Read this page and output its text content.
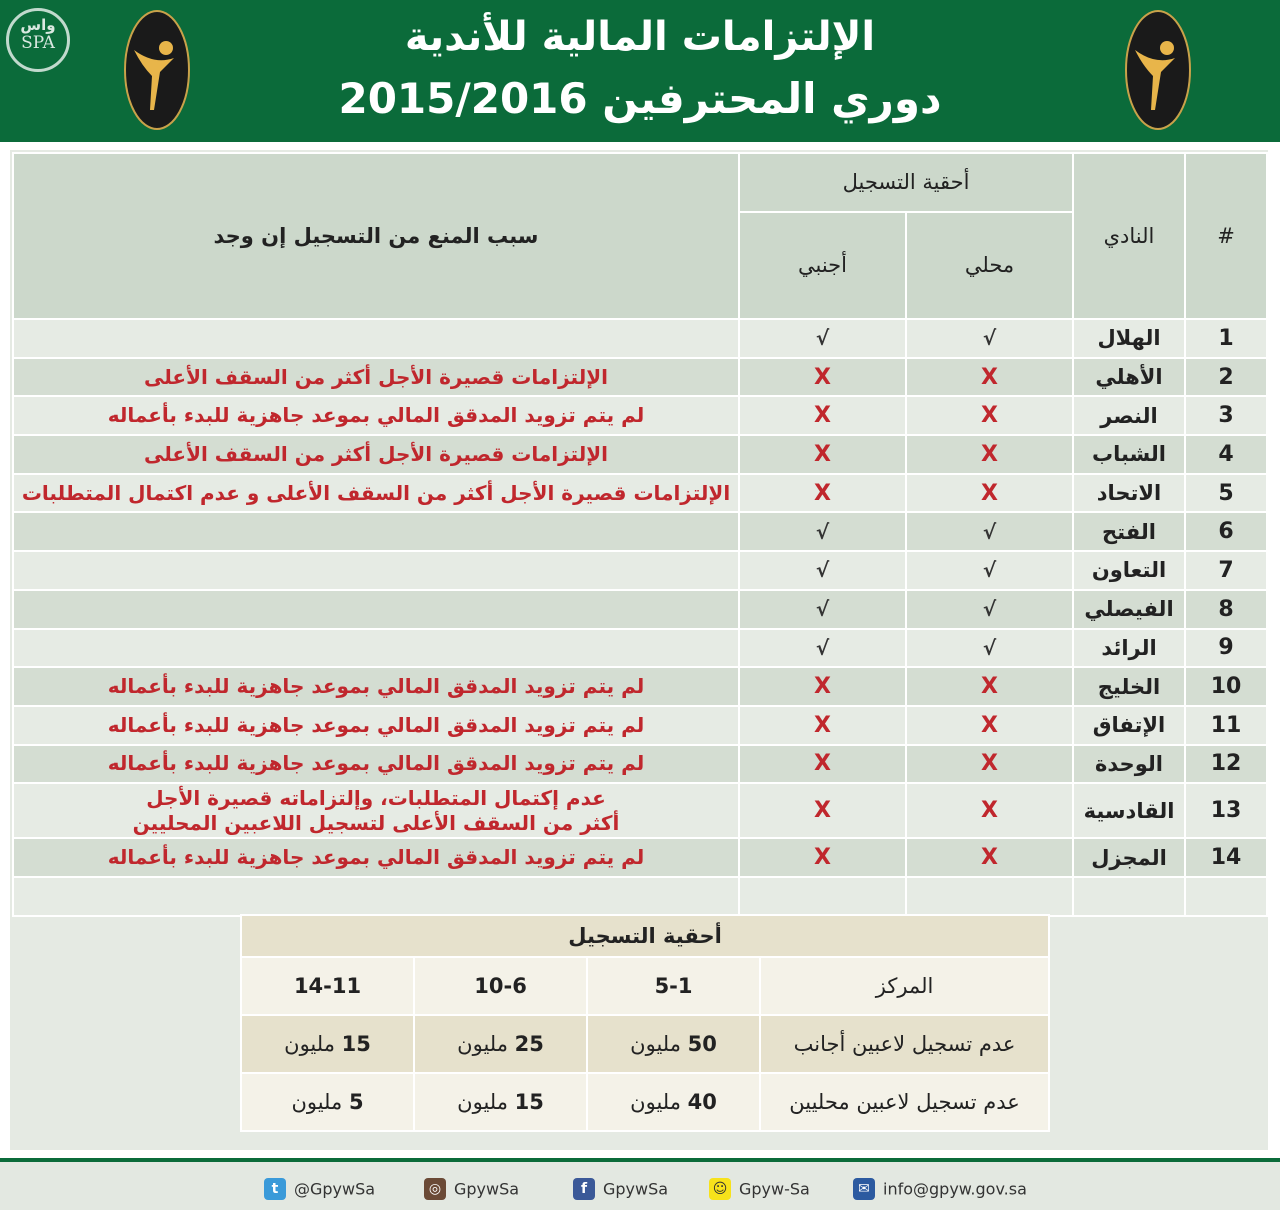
واس
SPA	الإلتزامات المالية للأندية
دوري المحترفين 2015/2016
#	النادي	أحقية التسجيل		سبب المنع من التسجيل إن وجد
		محلي	أجنبي	
1	الهلال	√	√	
2	الأهلي	X	X	الإلتزامات قصيرة الأجل أكثر من السقف الأعلى
3	النصر	X	X	لم يتم تزويد المدقق المالي بموعد جاهزية للبدء بأعماله
4	الشباب	X	X	الإلتزامات قصيرة الأجل أكثر من السقف الأعلى
5	الاتحاد	X	X	الإلتزامات قصيرة الأجل أكثر من السقف الأعلى و عدم اكتمال المتطلبات
6	الفتح	√	√	
7	التعاون	√	√	
8	الفيصلي	√	√	
9	الرائد	√	√	
10	الخليج	X	X	لم يتم تزويد المدقق المالي بموعد جاهزية للبدء بأعماله
11	الإتفاق	X	X	لم يتم تزويد المدقق المالي بموعد جاهزية للبدء بأعماله
12	الوحدة	X	X	لم يتم تزويد المدقق المالي بموعد جاهزية للبدء بأعماله
13	القادسية	X	X	عدم إكتمال المتطلبات، وإلتزاماته قصيرة الأجل
أكثر من السقف الأعلى لتسجيل اللاعبين المحليين

14	المجزل	X	X	لم يتم تزويد المدقق المالي بموعد جاهزية للبدء بأعماله

أحقية التسجيل			
المركز	5-1	10-6	14-11
عدم تسجيل لاعبين أجانب	50 مليون	25 مليون	15 مليون
عدم تسجيل لاعبين محليين	40 مليون	15 مليون	5 مليون
t @GpywSa	◎ GpywSa	f GpywSa	☺ Gpyw-Sa	✉ info@gpyw.gov.sa
